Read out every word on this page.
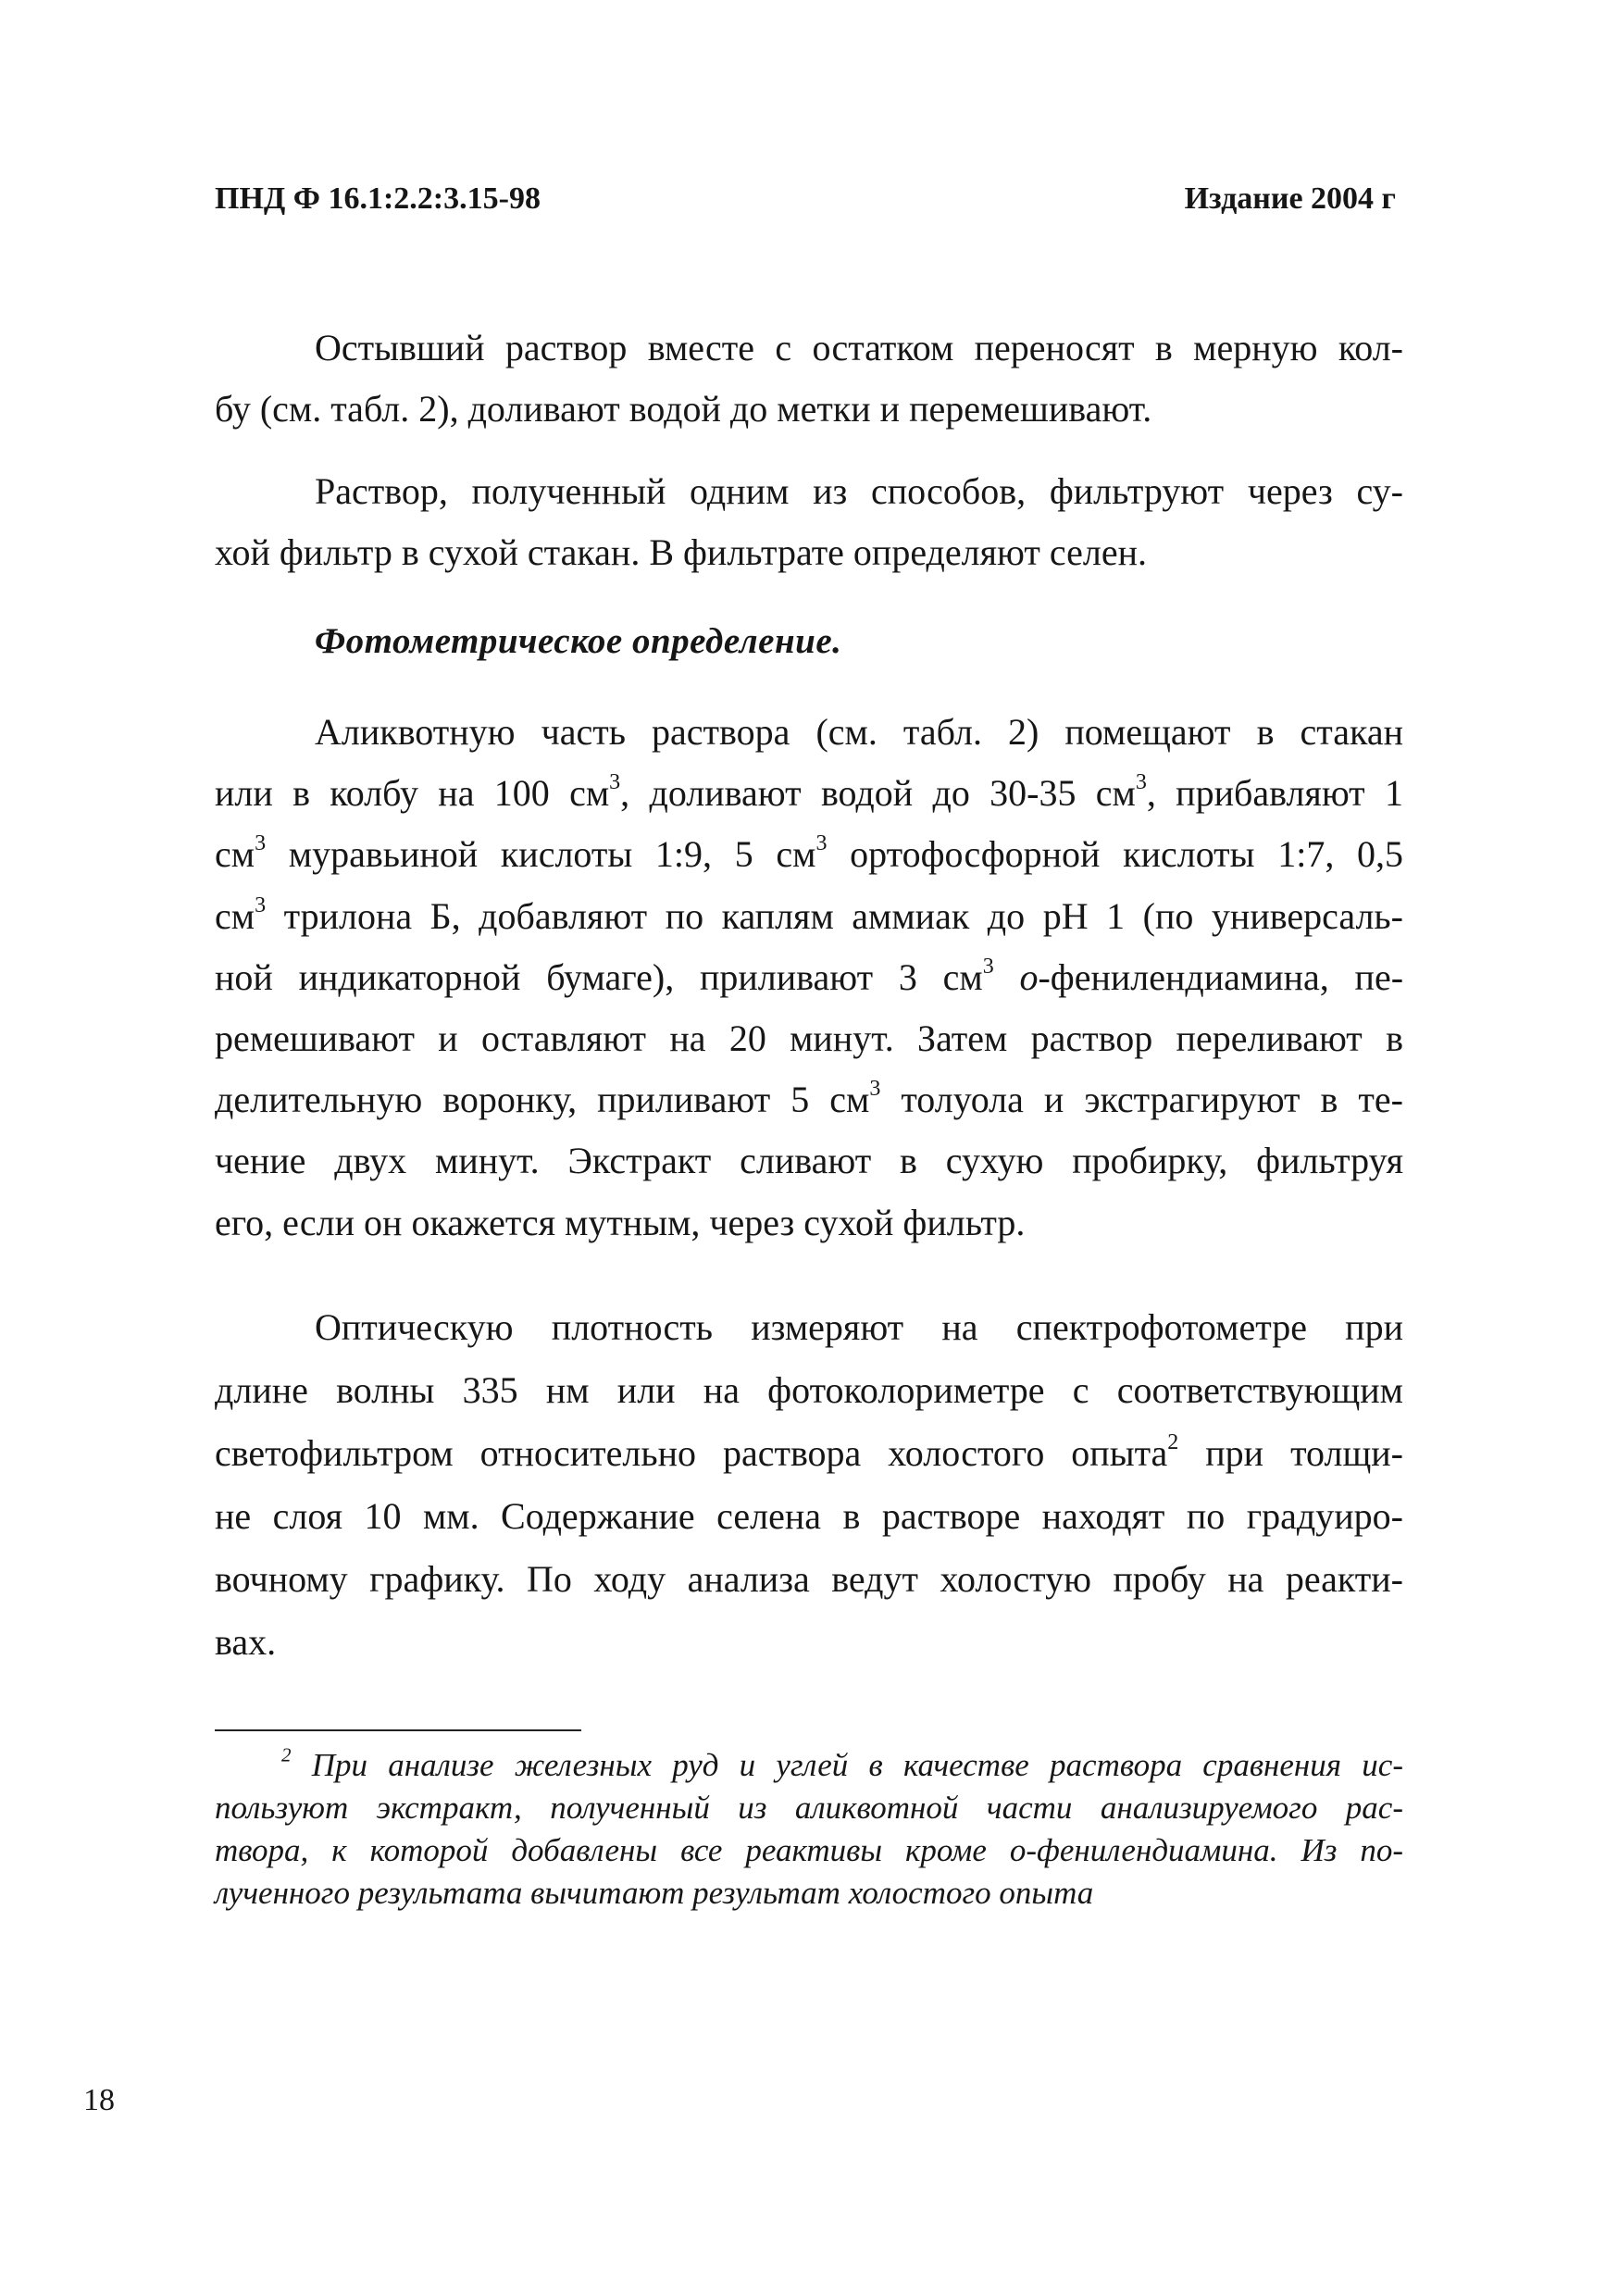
ПНД Ф 16.1:2.2:3.15-98	Издание 2004 г
Остывший раствор вместе с остатком переносят в мерную кол-
бу (см. табл. 2), доливают водой до метки и перемешивают.
Раствор, полученный одним из способов, фильтруют через су-
хой фильтр в сухой стакан. В фильтрате определяют селен.
Фотометрическое определение.
Аликвотную часть раствора (см. табл. 2) помещают в стакан
или в колбу на 100 $см^3$, доливают водой до 30-35 $см^3$, прибавляют 1
$см^3$ муравьиной кислоты 1:9, 5 $см^3$ ортофосфорной кислоты 1:7, 0,5
$см^3$ трилона Б, добавляют по каплям аммиак до рН 1 (по универсаль-
ной индикаторной бумаге), приливают 3 $см^3$ о-фенилендиамина, пе-
ремешивают и оставляют на 20 минут. Затем раствор переливают в
делительную воронку, приливают 5 $см^3$ толуола и экстрагируют в те-
чение двух минут. Экстракт сливают в сухую пробирку, фильтруя
его, если он окажется мутным, через сухой фильтр.
Оптическую плотность измеряют на спектрофотометре при
длине волны 335 нм или на фотоколориметре с соответствующим
светофильтром относительно раствора холостого опыта$^2$ при толщи-
не слоя 10 мм. Содержание селена в растворе находят по градуиро-
вочному графику. По ходу анализа ведут холостую пробу на реакти-
вах.
$^2$ При анализе железных руд и углей в качестве раствора сравнения ис-
пользуют экстракт, полученный из аликвотной части анализируемого рас-
твора, к которой добавлены все реактивы кроме о-фенилендиамина. Из по-
лученного результата вычитают результат холостого опыта
18
